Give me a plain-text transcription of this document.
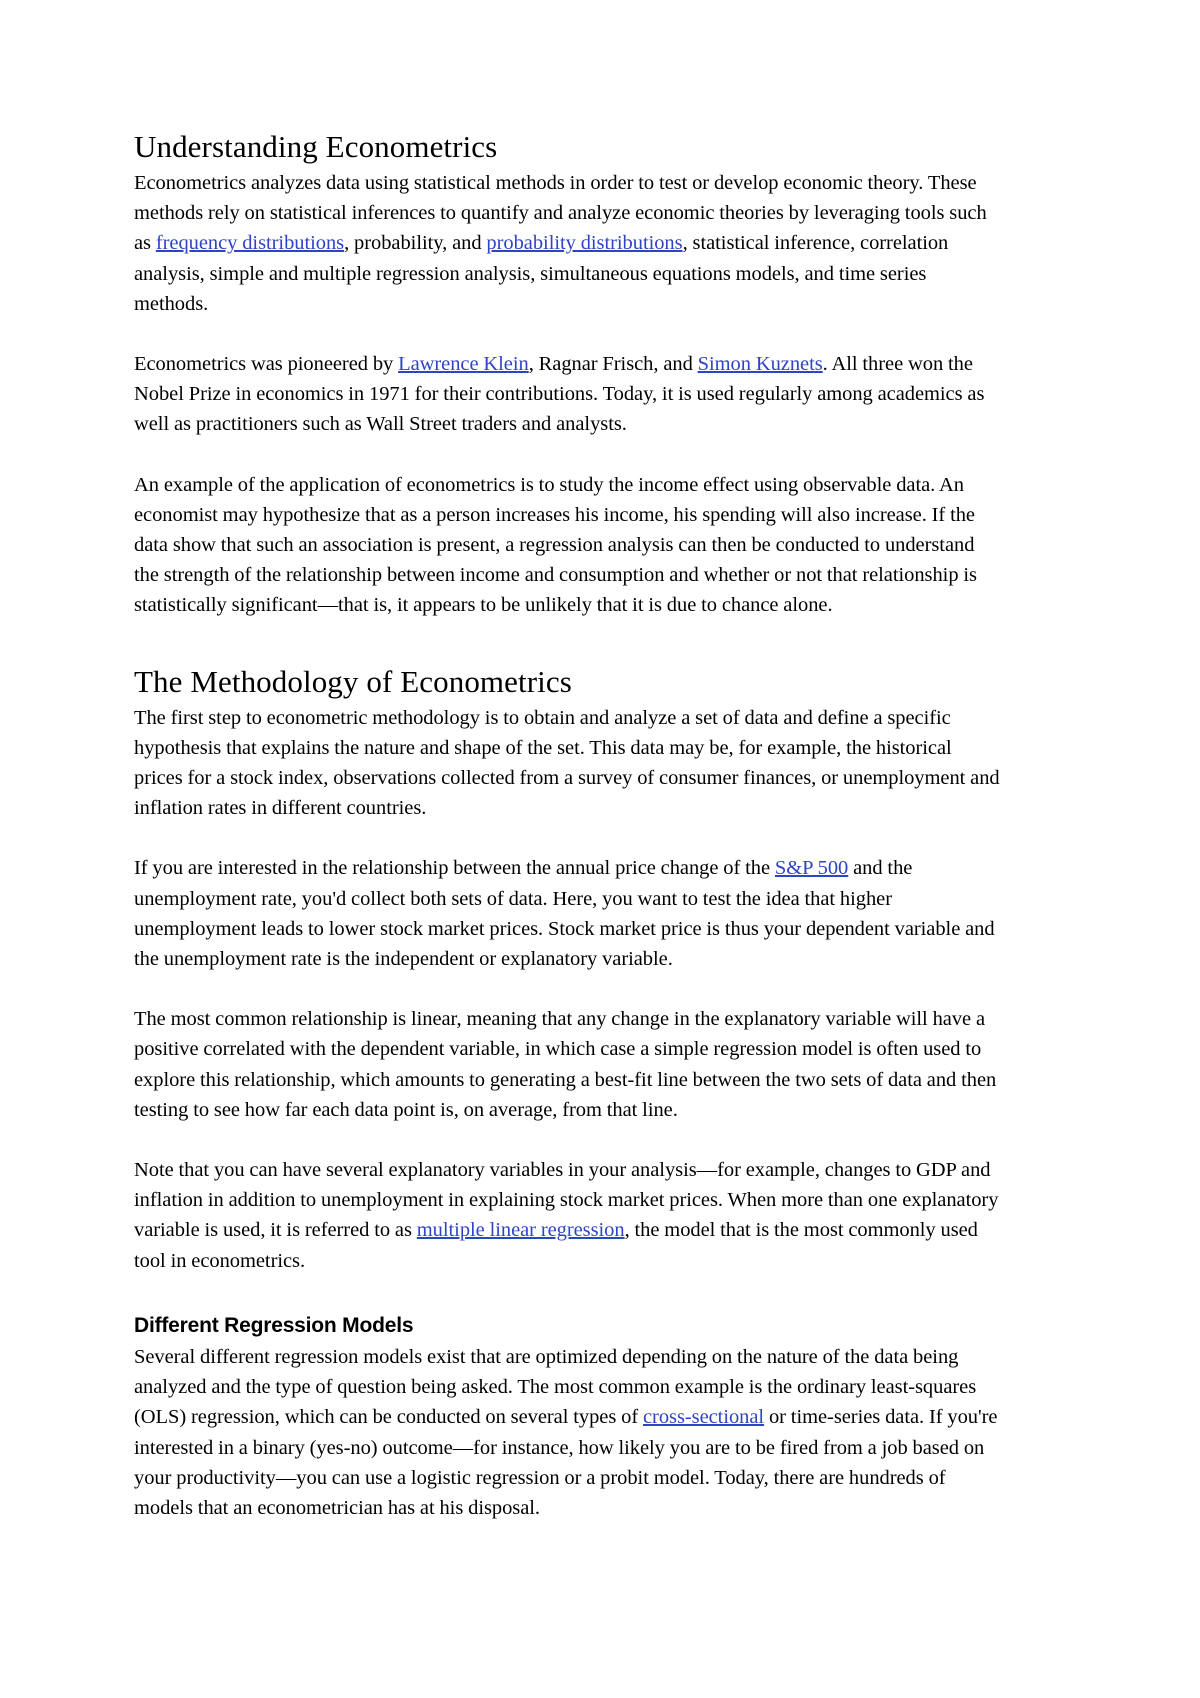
Understanding Econometrics

Econometrics analyzes data using statistical methods in order to test or develop economic theory. These methods rely on statistical inferences to quantify and analyze economic theories by leveraging tools such as frequency distributions, probability, and probability distributions, statistical inference, correlation analysis, simple and multiple regression analysis, simultaneous equations models, and time series methods.

Econometrics was pioneered by Lawrence Klein, Ragnar Frisch, and Simon Kuznets. All three won the Nobel Prize in economics in 1971 for their contributions. Today, it is used regularly among academics as well as practitioners such as Wall Street traders and analysts.

An example of the application of econometrics is to study the income effect using observable data. An economist may hypothesize that as a person increases his income, his spending will also increase. If the data show that such an association is present, a regression analysis can then be conducted to understand the strength of the relationship between income and consumption and whether or not that relationship is statistically significant—that is, it appears to be unlikely that it is due to chance alone.

The Methodology of Econometrics

The first step to econometric methodology is to obtain and analyze a set of data and define a specific hypothesis that explains the nature and shape of the set. This data may be, for example, the historical prices for a stock index, observations collected from a survey of consumer finances, or unemployment and inflation rates in different countries.

If you are interested in the relationship between the annual price change of the S&P 500 and the unemployment rate, you'd collect both sets of data. Here, you want to test the idea that higher unemployment leads to lower stock market prices. Stock market price is thus your dependent variable and the unemployment rate is the independent or explanatory variable.

The most common relationship is linear, meaning that any change in the explanatory variable will have a positive correlated with the dependent variable, in which case a simple regression model is often used to explore this relationship, which amounts to generating a best-fit line between the two sets of data and then testing to see how far each data point is, on average, from that line.

Note that you can have several explanatory variables in your analysis—for example, changes to GDP and inflation in addition to unemployment in explaining stock market prices. When more than one explanatory variable is used, it is referred to as multiple linear regression, the model that is the most commonly used tool in econometrics.

Different Regression Models

Several different regression models exist that are optimized depending on the nature of the data being analyzed and the type of question being asked. The most common example is the ordinary least-squares (OLS) regression, which can be conducted on several types of cross-sectional or time-series data. If you're interested in a binary (yes-no) outcome—for instance, how likely you are to be fired from a job based on your productivity—you can use a logistic regression or a probit model. Today, there are hundreds of models that an econometrician has at his disposal.
